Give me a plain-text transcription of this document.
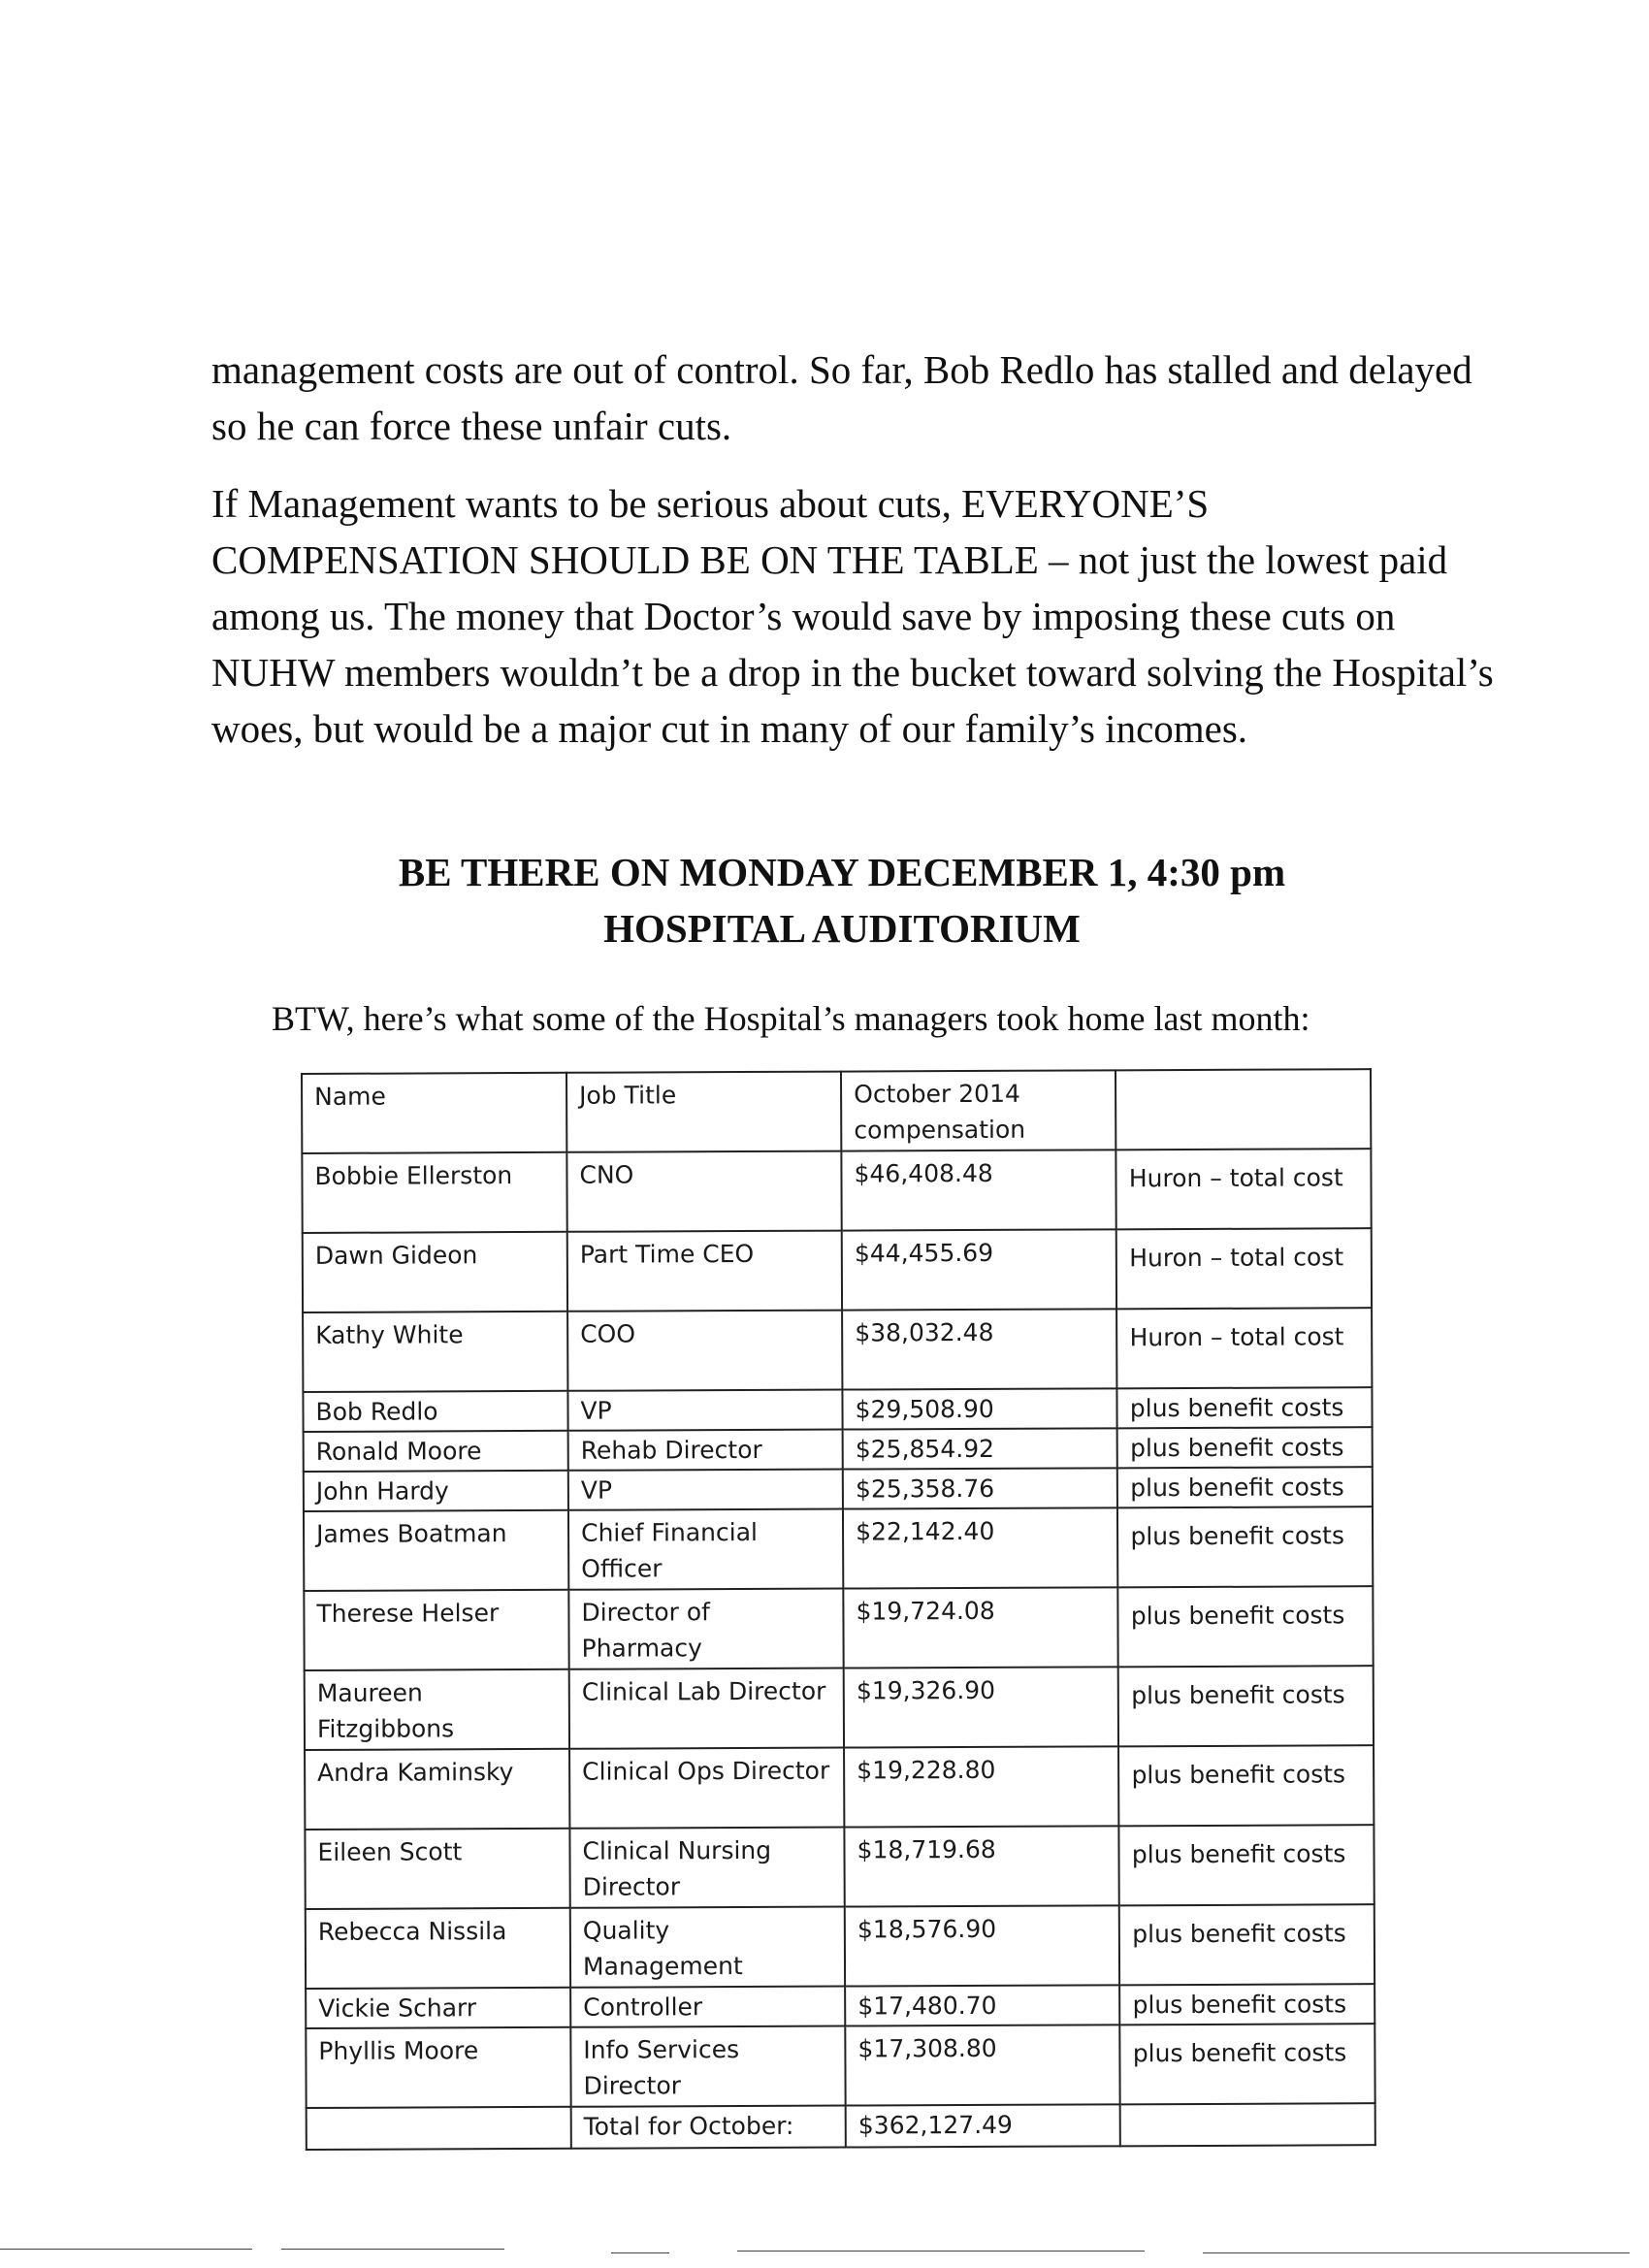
management costs are out of control. So far, Bob Redlo has stalled and delayed so he can force these unfair cuts.

If Management wants to be serious about cuts, EVERYONE’S COMPENSATION SHOULD BE ON THE TABLE – not just the lowest paid among us. The money that Doctor’s would save by imposing these cuts on NUHW members wouldn’t be a drop in the bucket toward solving the Hospital’s woes, but would be a major cut in many of our family’s incomes.

BE THERE ON MONDAY DECEMBER 1, 4:30 pm

HOSPITAL AUDITORIUM

BTW, here’s what some of the Hospital’s managers took home last month:

Name	Job Title	October 2014 compensation	
Bobbie Ellerston	CNO	$46,408.48	Huron – total cost
Dawn Gideon	Part Time CEO	$44,455.69	Huron – total cost
Kathy White	COO	$38,032.48	Huron – total cost
Bob Redlo	VP	$29,508.90	plus benefit costs
Ronald Moore	Rehab Director	$25,854.92	plus benefit costs
John Hardy	VP	$25,358.76	plus benefit costs
James Boatman	Chief Financial Officer	$22,142.40	plus benefit costs
Therese Helser	Director of Pharmacy	$19,724.08	plus benefit costs
Maureen Fitzgibbons	Clinical Lab Director	$19,326.90	plus benefit costs
Andra Kaminsky	Clinical Ops Director	$19,228.80	plus benefit costs
Eileen Scott	Clinical Nursing Director	$18,719.68	plus benefit costs
Rebecca Nissila	Quality Management	$18,576.90	plus benefit costs
Vickie Scharr	Controller	$17,480.70	plus benefit costs
Phyllis Moore	Info Services Director	$17,308.80	plus benefit costs
	Total for October:	$362,127.49	
